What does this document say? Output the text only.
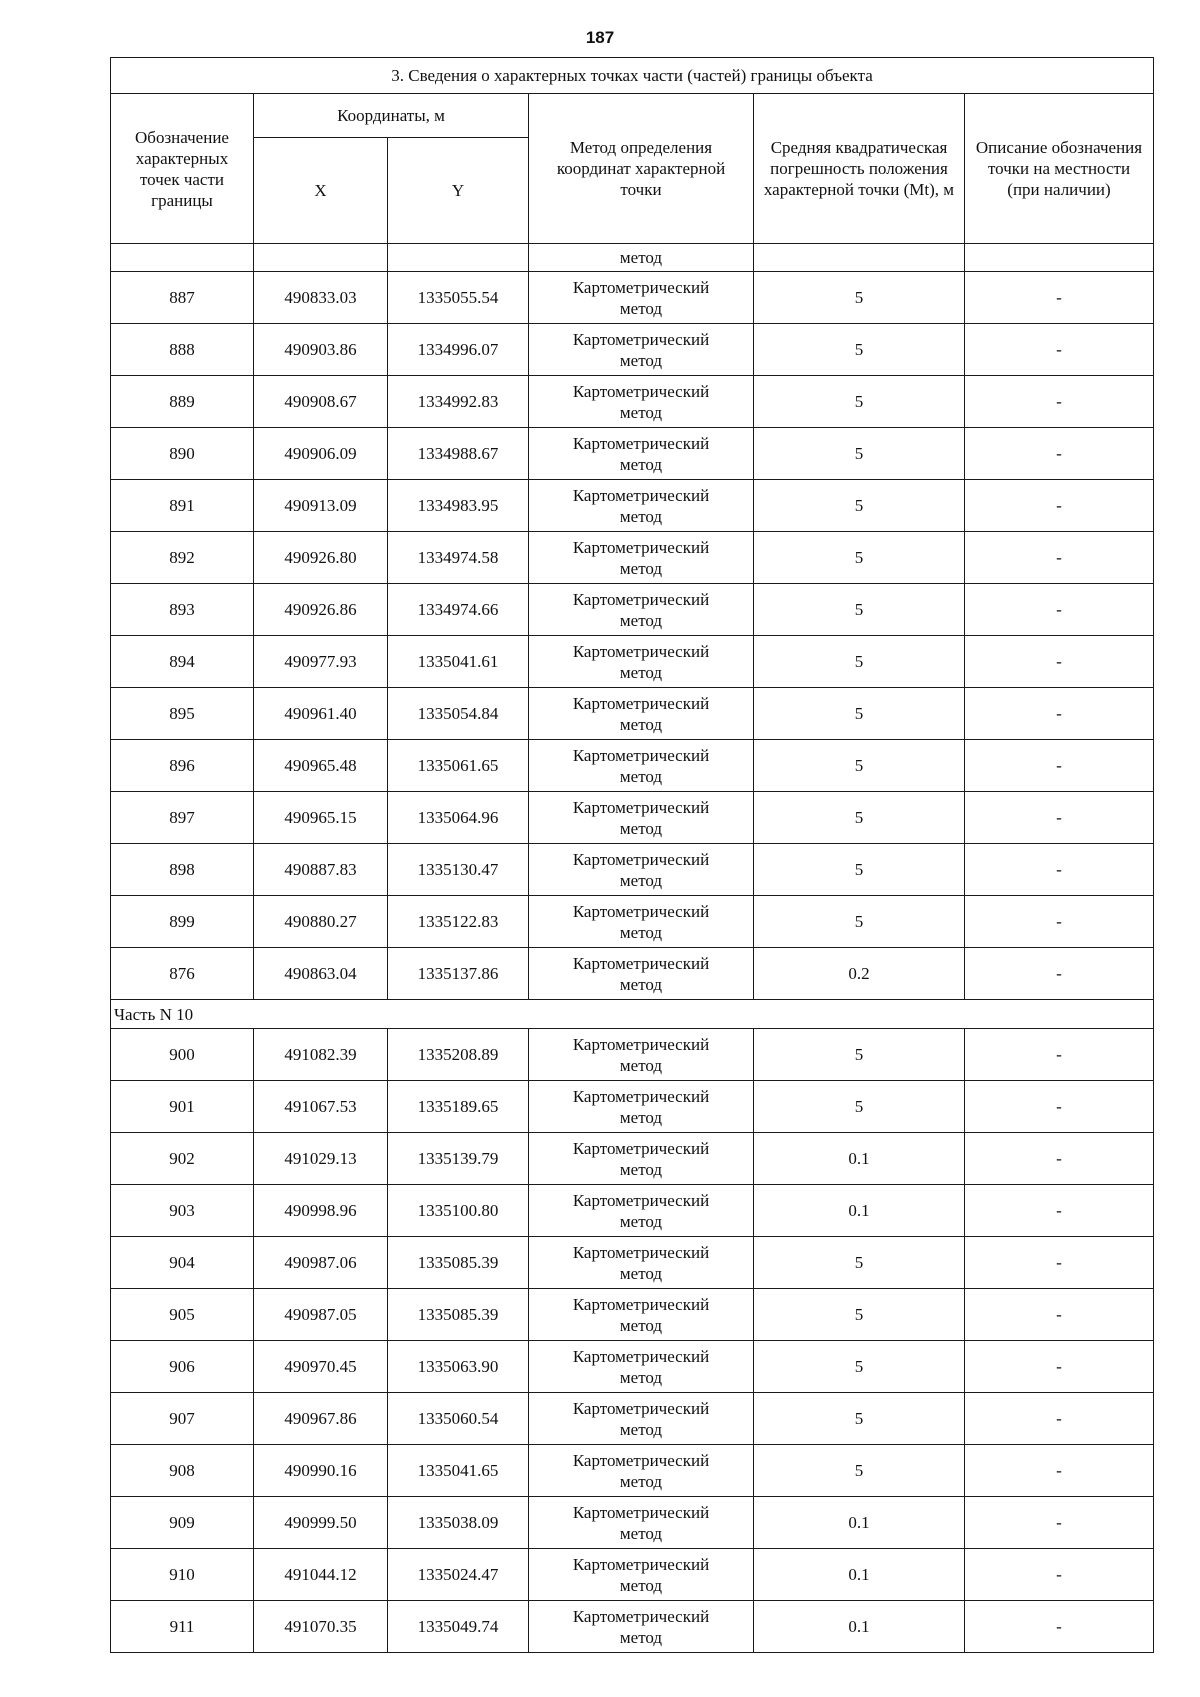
187
3. Сведения о характерных точках части (частей) границы объекта					
Обозначение характерных точек части границы	Координаты, м		Метод определения координат характерной точки	Средняя квадратическая погрешность положения характерной точки (Mt), м	Описание обозначения точки на местности (при наличии)
	X	Y			
			метод		
887	490833.03	1335055.54	Картометрический
метод	5	-
888	490903.86	1334996.07	Картометрический
метод	5	-
889	490908.67	1334992.83	Картометрический
метод	5	-
890	490906.09	1334988.67	Картометрический
метод	5	-
891	490913.09	1334983.95	Картометрический
метод	5	-
892	490926.80	1334974.58	Картометрический
метод	5	-
893	490926.86	1334974.66	Картометрический
метод	5	-
894	490977.93	1335041.61	Картометрический
метод	5	-
895	490961.40	1335054.84	Картометрический
метод	5	-
896	490965.48	1335061.65	Картометрический
метод	5	-
897	490965.15	1335064.96	Картометрический
метод	5	-
898	490887.83	1335130.47	Картометрический
метод	5	-
899	490880.27	1335122.83	Картометрический
метод	5	-
876	490863.04	1335137.86	Картометрический
метод	0.2	-
Часть N 10					
900	491082.39	1335208.89	Картометрический
метод	5	-
901	491067.53	1335189.65	Картометрический
метод	5	-
902	491029.13	1335139.79	Картометрический
метод	0.1	-
903	490998.96	1335100.80	Картометрический
метод	0.1	-
904	490987.06	1335085.39	Картометрический
метод	5	-
905	490987.05	1335085.39	Картометрический
метод	5	-
906	490970.45	1335063.90	Картометрический
метод	5	-
907	490967.86	1335060.54	Картометрический
метод	5	-
908	490990.16	1335041.65	Картометрический
метод	5	-
909	490999.50	1335038.09	Картометрический
метод	0.1	-
910	491044.12	1335024.47	Картометрический
метод	0.1	-
911	491070.35	1335049.74	Картометрический
метод	0.1	-
